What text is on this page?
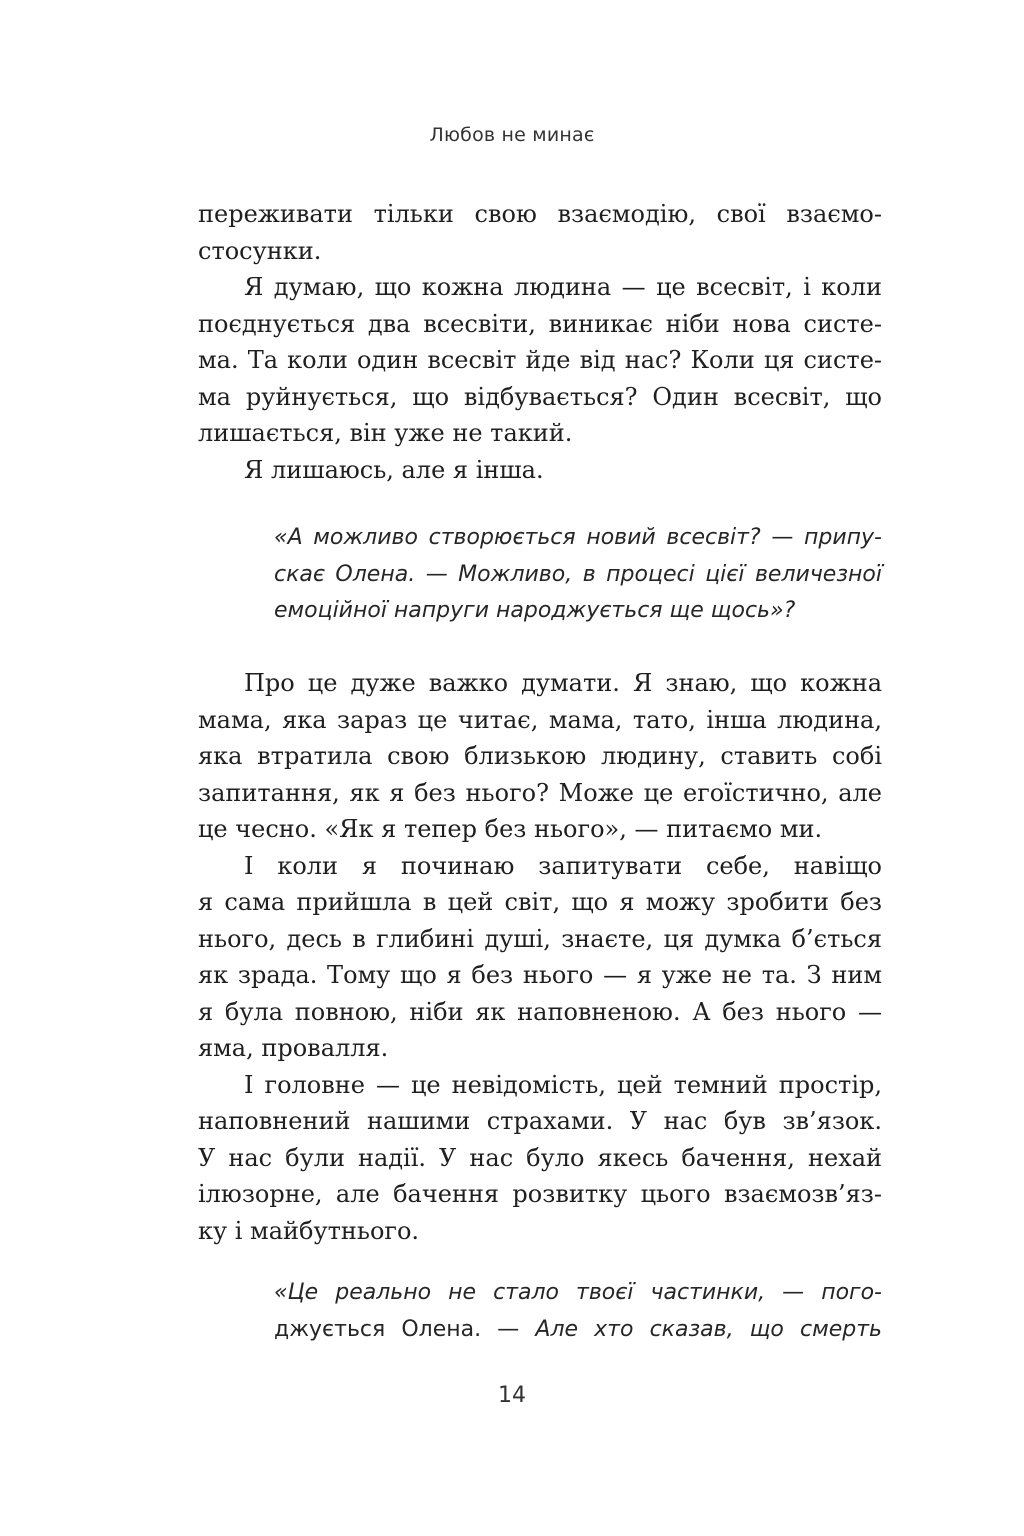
Любов не минає
переживати тільки свою взаємодію, свої взаємо-
стосунки.
Я думаю, що кожна людина — це всесвіт, і коли
поєднується два всесвіти, виникає ніби нова систе-
ма. Та коли один всесвіт йде від нас? Коли ця систе-
ма руйнується, що відбувається? Один всесвіт, що
лишається, він уже не такий.
Я лишаюсь, але я інша.
«А можливо створюється новий всесвіт? — припу-
скає Олена. — Можливо, в процесі цієї величезної
емоційної напруги народжується ще щось»?
Про це дуже важко думати. Я знаю, що кожна
мама, яка зараз це читає, мама, тато, інша людина,
яка втратила свою близькою людину, ставить собі
запитання, як я без нього? Може це егоїстично, але
це чесно. «Як я тепер без нього», — питаємо ми.
І коли я починаю запитувати себе, навіщо
я сама прийшла в цей світ, що я можу зробити без
нього, десь в глибині душі, знаєте, ця думка б’ється
як зрада. Тому що я без нього — я уже не та. З ним
я була повною, ніби як наповненою. А без нього —
яма, провалля.
І головне — це невідомість, цей темний простір,
наповнений нашими страхами. У нас був зв’язок.
У нас були надії. У нас було якесь бачення, нехай
ілюзорне, але бачення розвитку цього взаємозв’яз-
ку і майбутнього.
«Це реально не стало твоєї частинки, — пого-
джується Олена. — Але хто сказав, що смерть
14
